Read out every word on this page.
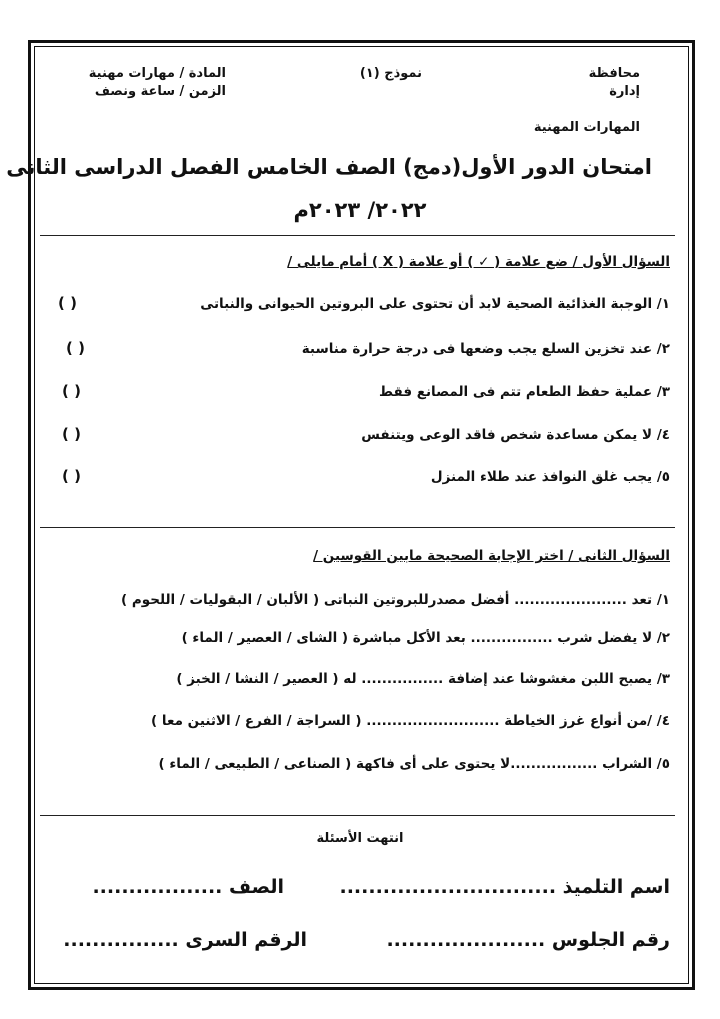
محافظة
إدارة
المهارات المهنية
نموذج (١)
المادة / مهارات مهنية
الزمن / ساعة ونصف
امتحان الدور الأول(دمج) الصف الخامس الفصل الدراسى الثانى
٢٠٢٢/ ٢٠٢٣م
السؤال الأول / ضع علامة ( ✓ ) أو علامة ( X ) أمام مايلى /
١/ الوجبة الغذائية الصحية لابد أن تحتوى على البروتين الحيوانى والنباتى
٢/ عند تخزين السلع يجب وضعها فى درجة حرارة مناسبة
٣/ عملية حفظ الطعام تتم فى المصانع فقط
٤/ لا يمكن مساعدة شخص فاقد الوعى ويتنفس
٥/ يجب غلق النوافذ عند طلاء المنزل
( )
( )
( )
( )
( )
السؤال الثانى / اختر الإجابة الصحيحة مابين القوسين /
١/ تعد ...................... أفضل مصدرللبروتين النباتى ( الألبان / البقوليات / اللحوم )
٢/ لا يفضل شرب ................ بعد الأكل مباشرة ( الشاى / العصير / الماء )
٣/ يصبح اللبن مغشوشا عند إضافة ................ له ( العصير / النشا / الخبز )
٤/ /من أنواع غرز الخياطة .......................... ( السراجة / الفرع / الاثنين معا )
٥/ الشراب .................لا يحتوى على أى فاكهة ( الصناعى / الطبيعى / الماء )
انتهت الأسئلة
اسم التلميذ ..............................
الصف ..................
رقم الجلوس ......................
الرقم السرى ................
